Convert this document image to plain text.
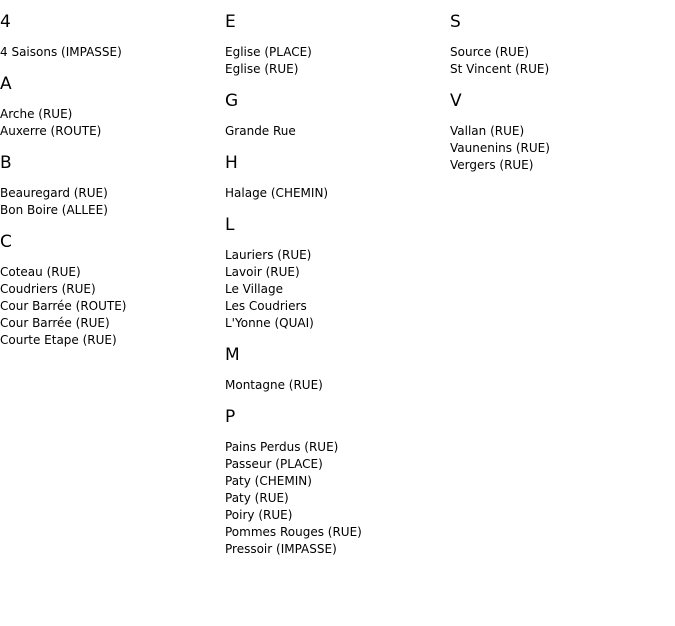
4
4 Saisons (IMPASSE)
A
Arche (RUE)
Auxerre (ROUTE)
B
Beauregard (RUE)
Bon Boire (ALLEE)
C
Coteau (RUE)
Coudriers (RUE)
Cour Barrée (ROUTE)
Cour Barrée (RUE)
Courte Etape (RUE)
E
Eglise (PLACE)
Eglise (RUE)
G
Grande Rue
H
Halage (CHEMIN)
L
Lauriers (RUE)
Lavoir (RUE)
Le Village
Les Coudriers
L'Yonne (QUAI)
M
Montagne (RUE)
P
Pains Perdus (RUE)
Passeur (PLACE)
Paty (CHEMIN)
Paty (RUE)
Poiry (RUE)
Pommes Rouges (RUE)
Pressoir (IMPASSE)
S
Source (RUE)
St Vincent (RUE)
V
Vallan (RUE)
Vaunenins (RUE)
Vergers (RUE)
